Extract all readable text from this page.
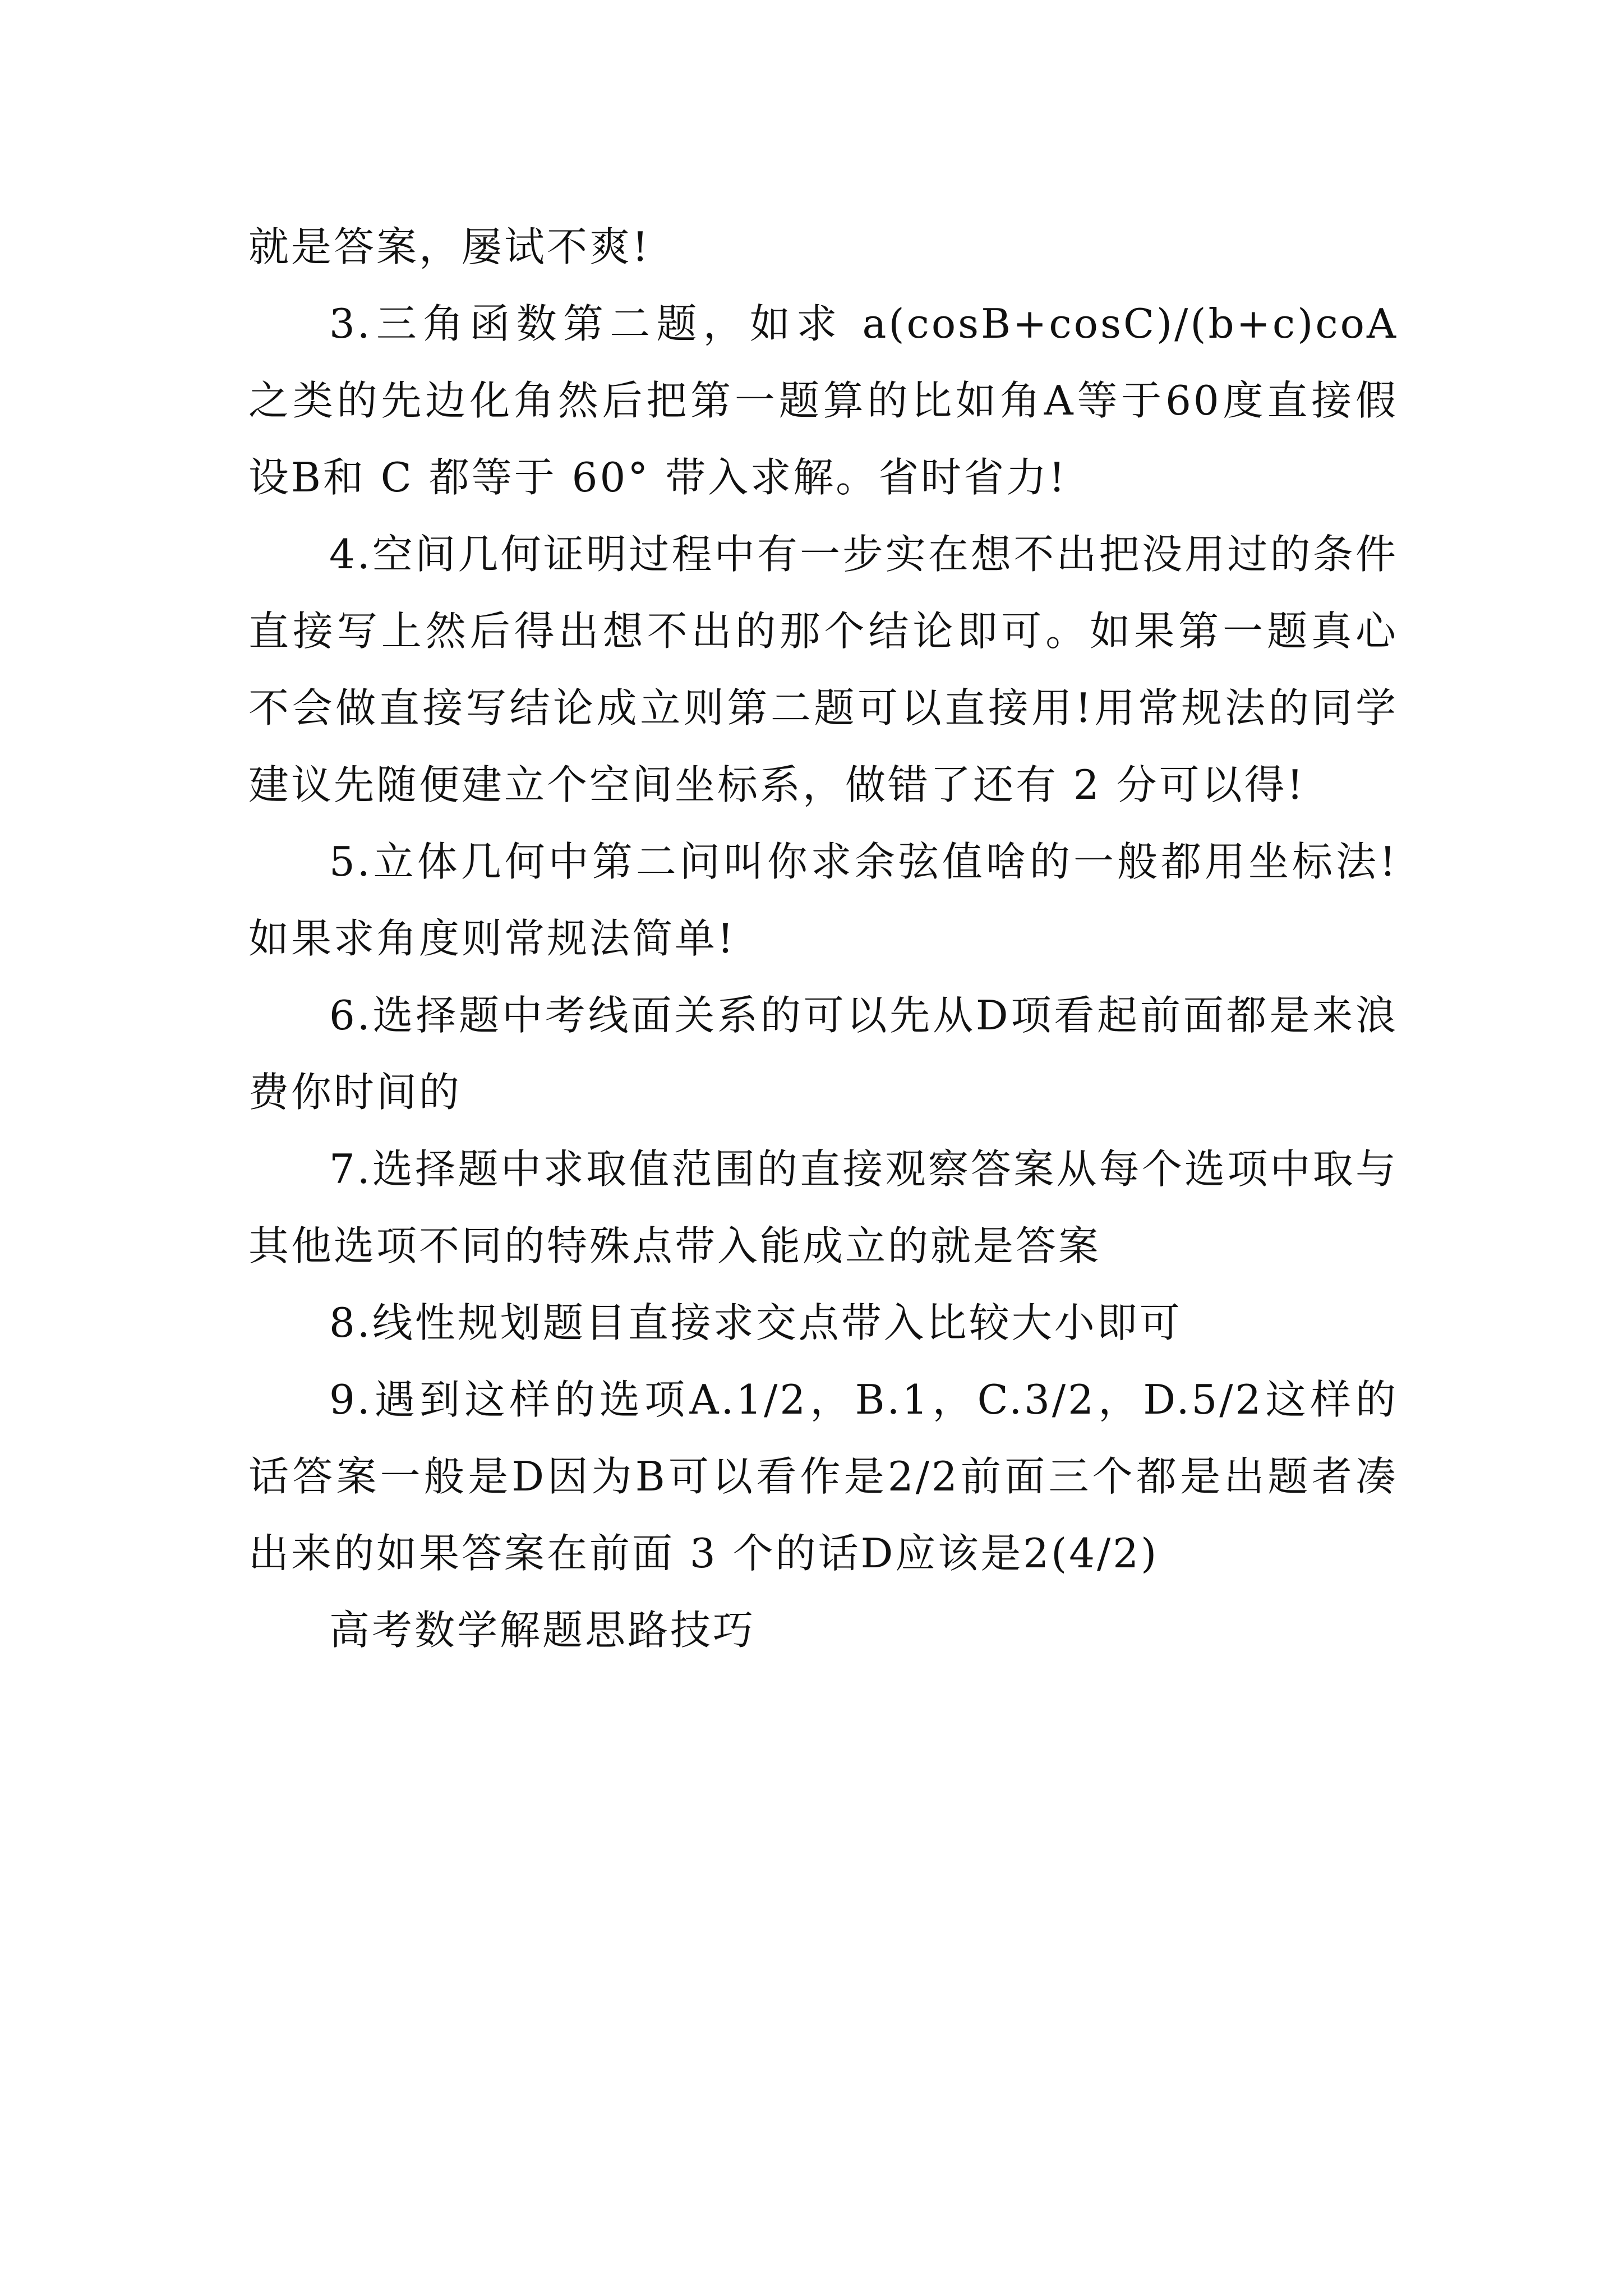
就是答案，屡试不爽!

3.三角函数第二题，如求 a(cosB+cosC)/(b+c)coA 之类的先边化角然后把第一题算的比如角A等于60度直接假设B和 C 都等于 60° 带入求解。省时省力!

4.空间几何证明过程中有一步实在想不出把没用过的条件直接写上然后得出想不出的那个结论即可。如果第一题真心不会做直接写结论成立则第二题可以直接用!用常规法的同学建议先随便建立个空间坐标系，做错了还有 2 分可以得!

5.立体几何中第二问叫你求余弦值啥的一般都用坐标法!如果求角度则常规法简单!

6.选择题中考线面关系的可以先从D项看起前面都是来浪费你时间的

7.选择题中求取值范围的直接观察答案从每个选项中取与其他选项不同的特殊点带入能成立的就是答案

8.线性规划题目直接求交点带入比较大小即可

9.遇到这样的选项A.1/2，B.1，C.3/2，D.5/2这样的话答案一般是D因为B可以看作是2/2前面三个都是出题者凑出来的如果答案在前面 3 个的话D应该是2(4/2)

高考数学解题思路技巧
